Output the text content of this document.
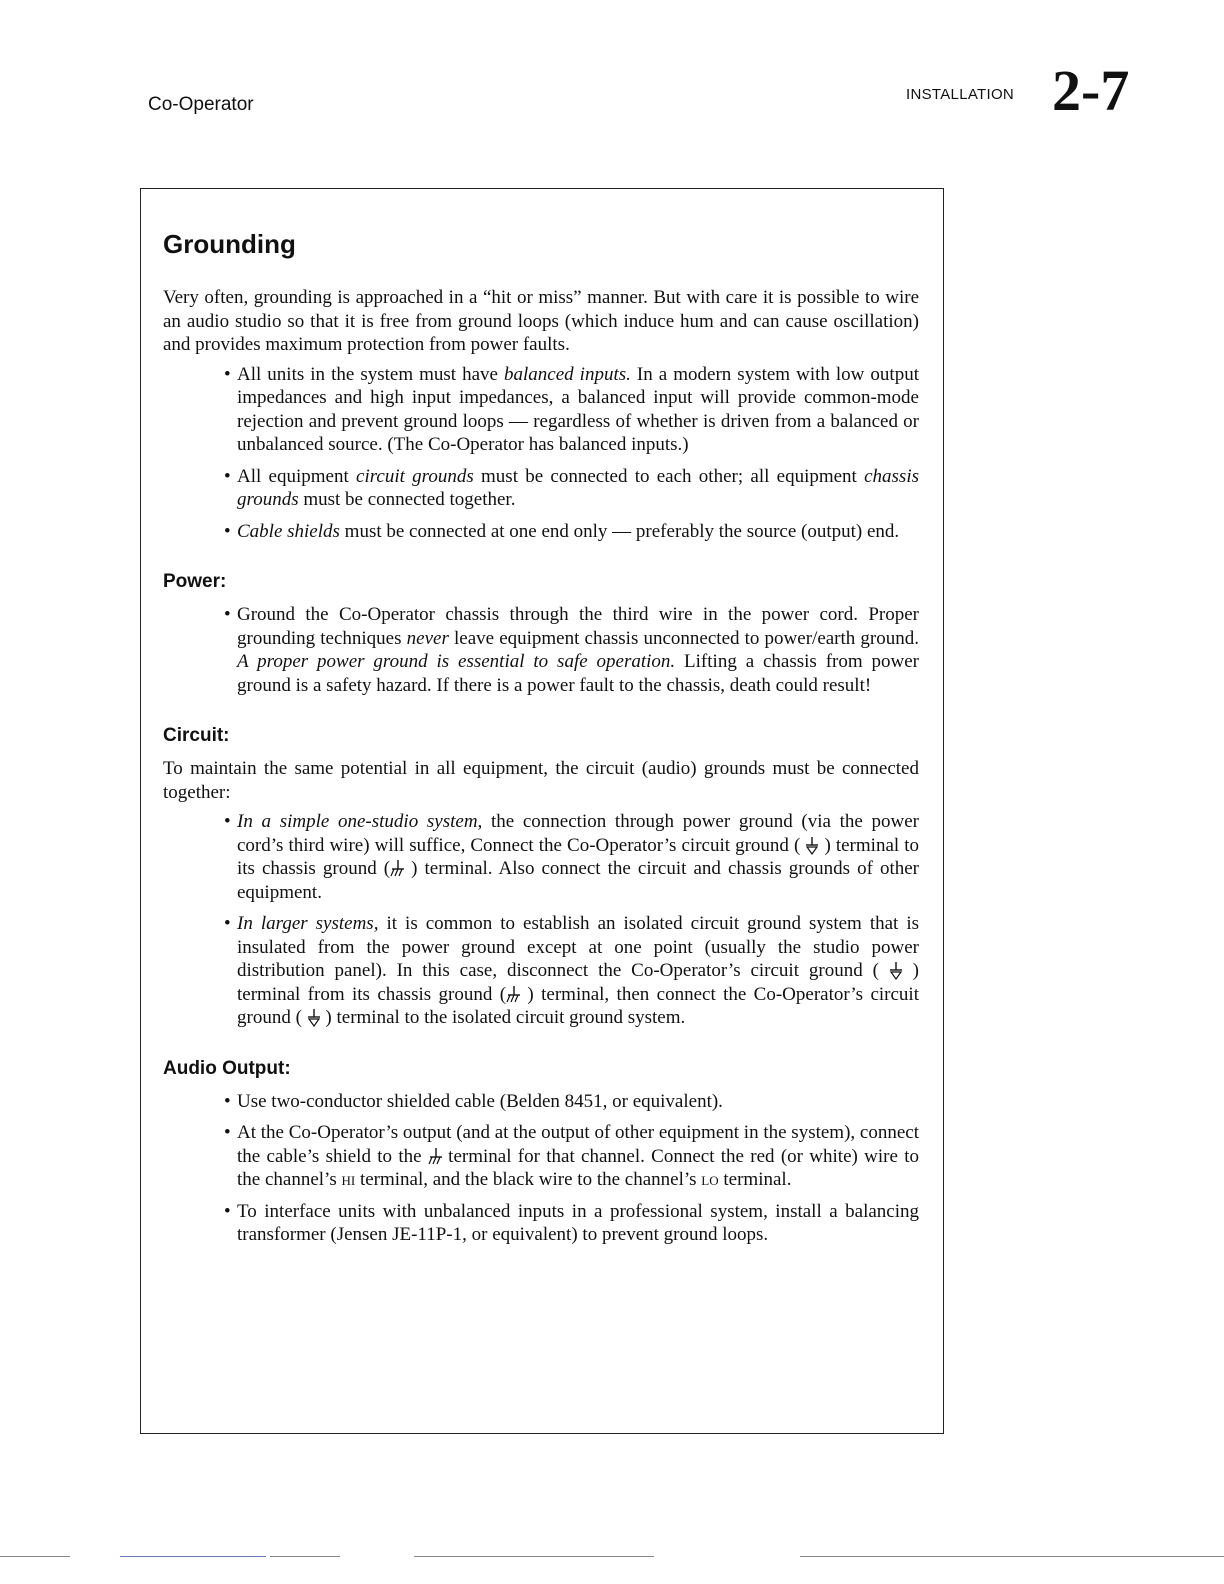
Co-Operator	INSTALLATION 2-7
Grounding

Very often, grounding is approached in a “hit or miss” manner. But with care it is possible to wire an audio studio so that it is free from ground loops (which induce hum and can cause oscillation) and provides maximum protection from power faults.

• All units in the system must have balanced inputs. In a modern system with low output impedances and high input impedances, a balanced input will provide common-mode rejection and prevent ground loops — regardless of whether is driven from a balanced or unbalanced source. (The Co-Operator has balanced inputs.)
• All equipment circuit grounds must be connected to each other; all equipment chassis grounds must be connected together.
• Cable shields must be connected at one end only — preferably the source (output) end.
Power:
• Ground the Co-Operator chassis through the third wire in the power cord. Proper grounding techniques never leave equipment chassis unconnected to power/earth ground. A proper power ground is essential to safe operation. Lifting a chassis from power ground is a safety hazard. If there is a power fault to the chassis, death could result!
Circuit:

To maintain the same potential in all equipment, the circuit (audio) grounds must be connected together:

• In a simple one-studio system, the connection through power ground (via the power cord’s third wire) will suffice, Connect the Co-Operator’s circuit ground (  ) terminal to its chassis ground ( ) terminal. Also connect the circuit and chassis grounds of other equipment.
• In larger systems, it is common to establish an isolated circuit ground system that is insulated from the power ground except at one point (usually the studio power distribution panel). In this case, disconnect the Co-Operator’s circuit ground (  ) terminal from its chassis ground ( ) terminal, then connect the Co-Operator’s circuit ground (  ) terminal to the isolated circuit ground system.
Audio Output:
• Use two-conductor shielded cable (Belden 8451, or equivalent).
• At the Co-Operator’s output (and at the output of other equipment in the system), connect the cable’s shield to the  terminal for that channel. Connect the red (or white) wire to the channel’s hi terminal, and the black wire to the channel’s lo terminal.
• To interface units with unbalanced inputs in a professional system, install a balancing transformer (Jensen JE-11P-1, or equivalent) to prevent ground loops.
